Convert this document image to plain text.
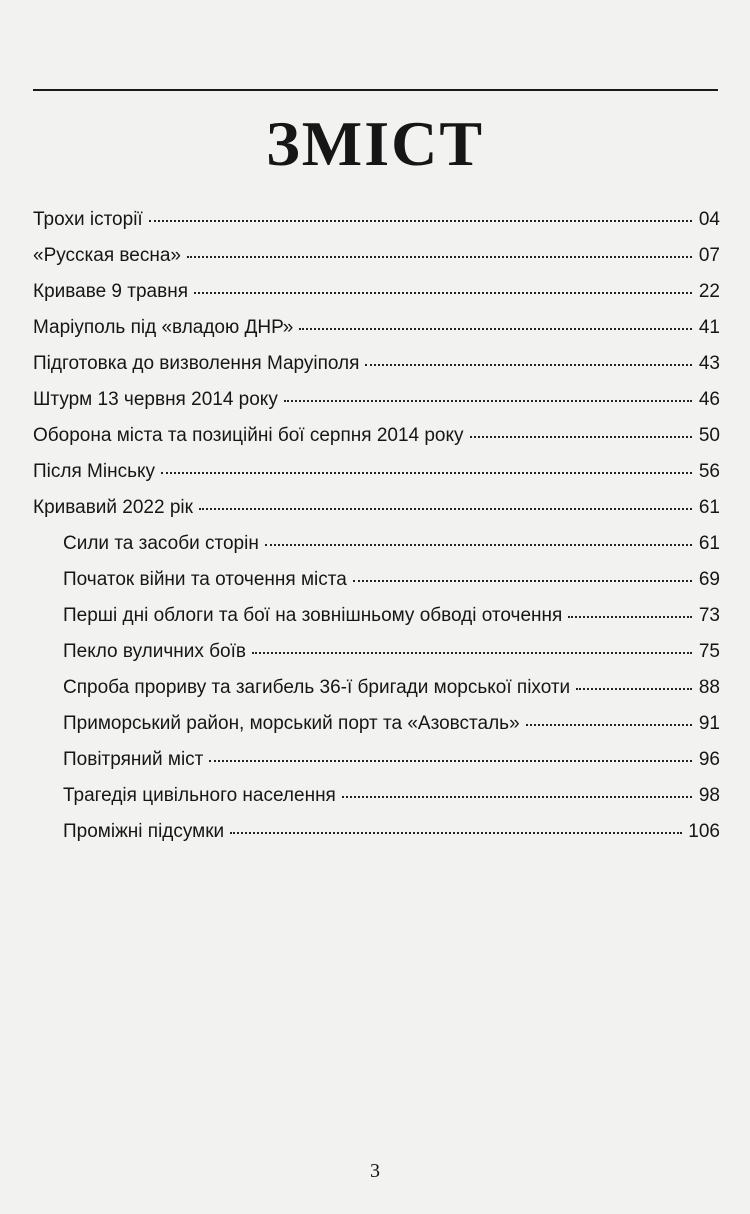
ЗМІСТ
Трохи історії	04
«Русская весна»	07
Криваве 9 травня	22
Маріуполь під «владою ДНР»	41
Підготовка до визволення Маруіполя	43
Штурм 13 червня 2014 року	46
Оборона міста та позиційні бої серпня 2014 року	50
Після Мінську	56
Кривавий 2022 рік	61
Сили та засоби сторін	61
Початок війни та оточення міста	69
Перші дні облоги та бої на зовнішньому обводі оточення	73
Пекло вуличних боїв	75
Спроба прориву та загибель 36-ї бригади морської піхоти	88
Приморський район, морський порт та «Азовсталь»	91
Повітряний міст	96
Трагедія цивільного населення	98
Проміжні підсумки	106
3
